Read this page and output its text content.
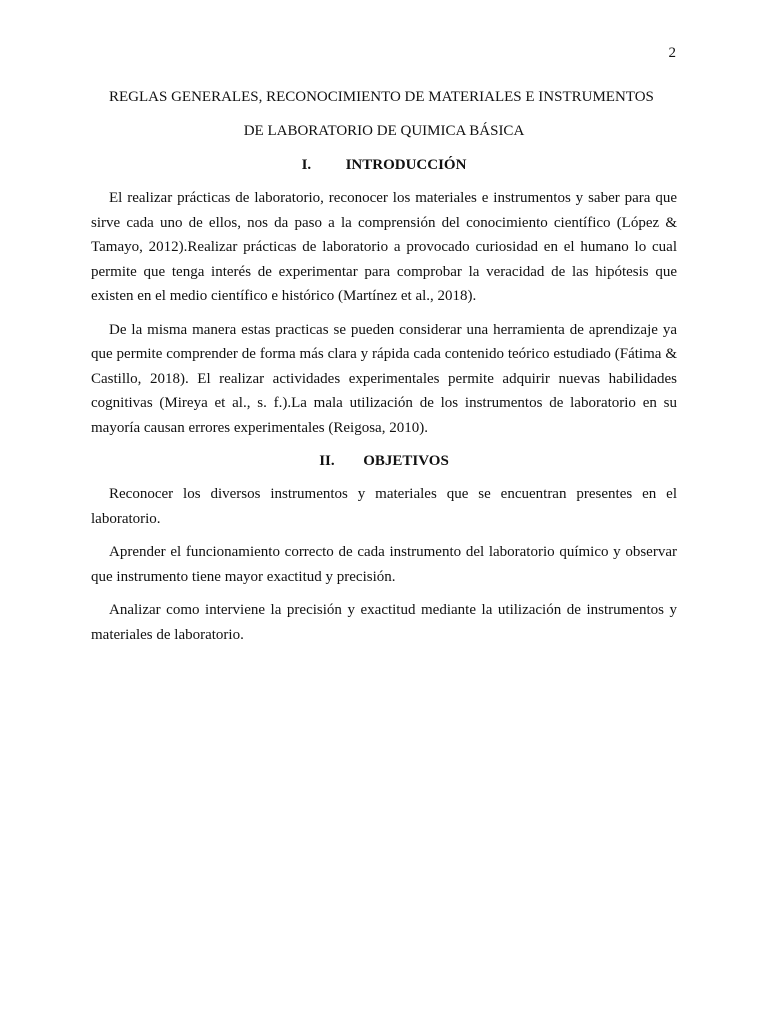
2
REGLAS GENERALES, RECONOCIMIENTO DE MATERIALES E INSTRUMENTOS
DE LABORATORIO DE QUIMICA BÁSICA
I. INTRODUCCIÓN

El realizar prácticas de laboratorio, reconocer los materiales e instrumentos y saber para que sirve cada uno de ellos, nos da paso a la comprensión del conocimiento científico (López & Tamayo, 2012).Realizar prácticas de laboratorio a provocado curiosidad en el humano lo cual permite que tenga interés de experimentar para comprobar la veracidad de las hipótesis que existen en el medio científico e histórico (Martínez et al., 2018).

De la misma manera estas practicas se pueden considerar una herramienta de aprendizaje ya que permite comprender de forma más clara y rápida cada contenido teórico estudiado (Fátima & Castillo, 2018). El realizar actividades experimentales permite adquirir nuevas habilidades cognitivas (Mireya et al., s. f.).La mala utilización de los instrumentos de laboratorio en su mayoría causan errores experimentales (Reigosa, 2010).

II. OBJETIVOS

Reconocer los diversos instrumentos y materiales que se encuentran presentes en el laboratorio.

Aprender el funcionamiento correcto de cada instrumento del laboratorio químico y observar que instrumento tiene mayor exactitud y precisión.

Analizar como interviene la precisión y exactitud mediante la utilización de instrumentos y materiales de laboratorio.
